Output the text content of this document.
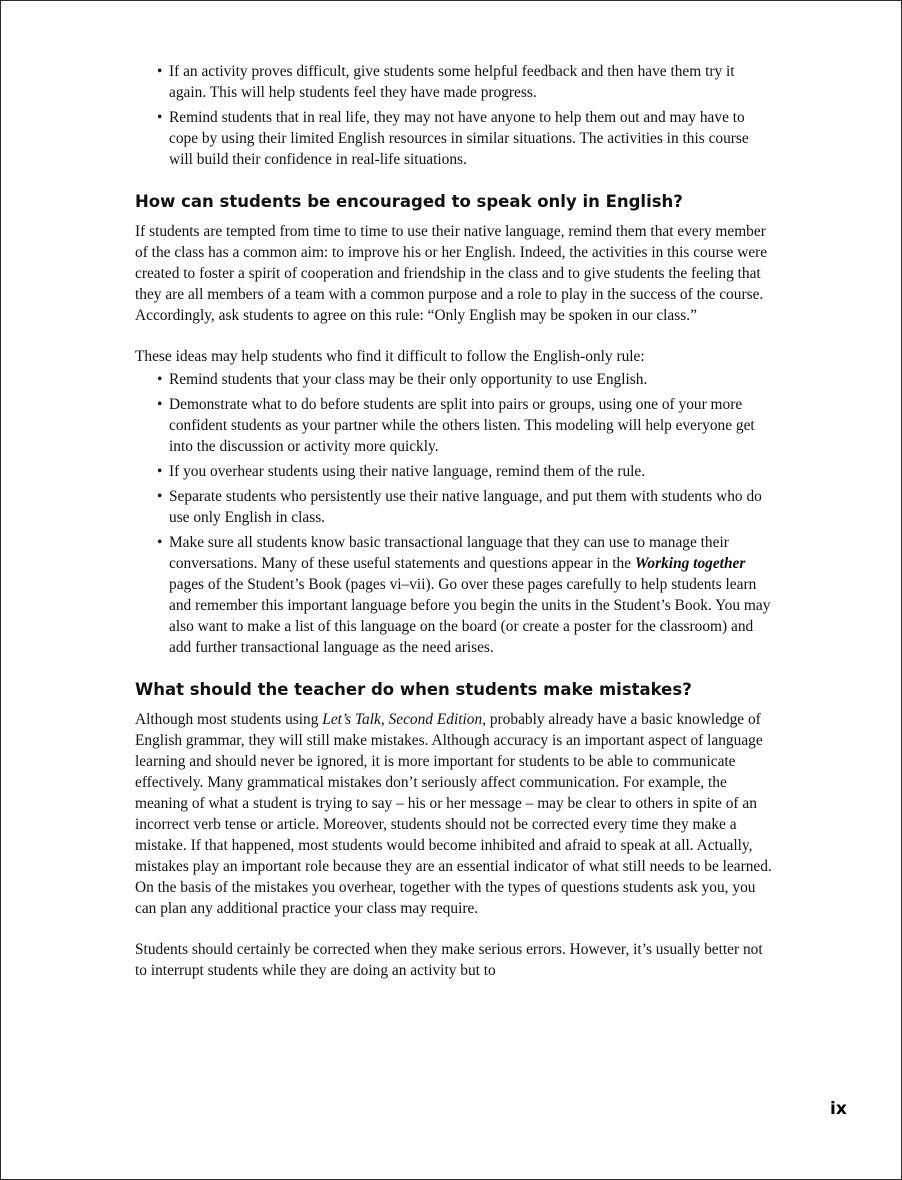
• If an activity proves difficult, give students some helpful feedback and then have them try it again. This will help students feel they have made progress.
• Remind students that in real life, they may not have anyone to help them out and may have to cope by using their limited English resources in similar situations. The activities in this course will build their confidence in real-life situations.
How can students be encouraged to speak only in English?

If students are tempted from time to time to use their native language, remind them that every member of the class has a common aim: to improve his or her English. Indeed, the activities in this course were created to foster a spirit of cooperation and friendship in the class and to give students the feeling that they are all members of a team with a common purpose and a role to play in the success of the course. Accordingly, ask students to agree on this rule: “Only English may be spoken in our class.”

These ideas may help students who find it difficult to follow the English-only rule:

• Remind students that your class may be their only opportunity to use English.
• Demonstrate what to do before students are split into pairs or groups, using one of your more confident students as your partner while the others listen. This modeling will help everyone get into the discussion or activity more quickly.
• If you overhear students using their native language, remind them of the rule.
• Separate students who persistently use their native language, and put them with students who do use only English in class.
• Make sure all students know basic transactional language that they can use to manage their conversations. Many of these useful statements and questions appear in the Working together pages of the Student’s Book (pages vi–vii). Go over these pages carefully to help students learn and remember this important language before you begin the units in the Student’s Book. You may also want to make a list of this language on the board (or create a poster for the classroom) and add further transactional language as the need arises.
What should the teacher do when students make mistakes?

Although most students using Let’s Talk, Second Edition, probably already have a basic knowledge of English grammar, they will still make mistakes. Although accuracy is an important aspect of language learning and should never be ignored, it is more important for students to be able to communicate effectively. Many grammatical mistakes don’t seriously affect communication. For example, the meaning of what a student is trying to say – his or her message – may be clear to others in spite of an incorrect verb tense or article. Moreover, students should not be corrected every time they make a mistake. If that happened, most students would become inhibited and afraid to speak at all. Actually, mistakes play an important role because they are an essential indicator of what still needs to be learned. On the basis of the mistakes you overhear, together with the types of questions students ask you, you can plan any additional practice your class may require.

Students should certainly be corrected when they make serious errors. However, it’s usually better not to interrupt students while they are doing an activity but to

ix
